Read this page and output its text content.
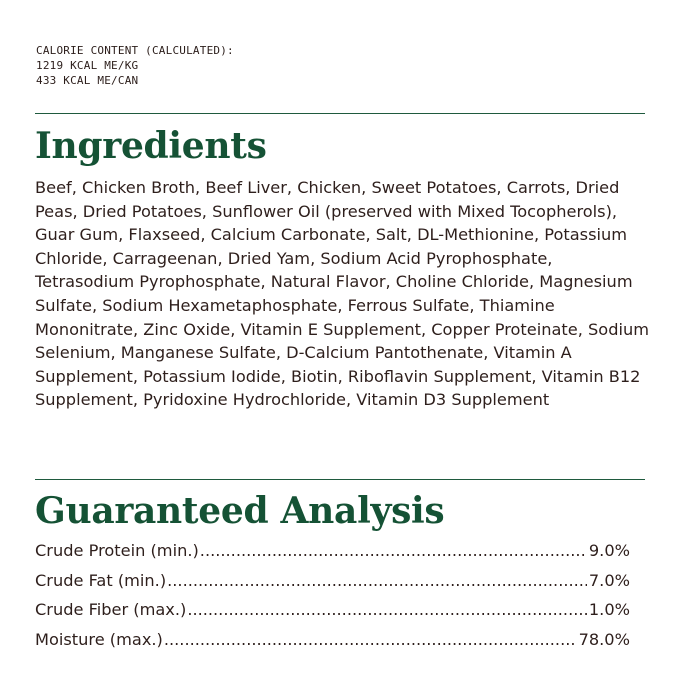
CALORIE CONTENT (CALCULATED):
1219 KCAL ME/KG
433 KCAL ME/CAN
Ingredients
Beef, Chicken Broth, Beef Liver, Chicken, Sweet Potatoes, Carrots, Dried Peas, Dried Potatoes, Sunflower Oil (preserved with Mixed Tocopherols), Guar Gum, Flaxseed, Calcium Carbonate, Salt, DL-Methionine, Potassium Chloride, Carrageenan, Dried Yam, Sodium Acid Pyrophosphate, Tetrasodium Pyrophosphate, Natural Flavor, Choline Chloride, Magnesium Sulfate, Sodium Hexametaphosphate, Ferrous Sulfate, Thiamine Mononitrate, Zinc Oxide, Vitamin E Supplement, Copper Proteinate, Sodium Selenium, Manganese Sulfate, D-Calcium Pantothenate, Vitamin A Supplement, Potassium Iodide, Biotin, Riboflavin Supplement, Vitamin B12 Supplement, Pyridoxine Hydrochloride, Vitamin D3 Supplement
Guaranteed Analysis
Crude Protein (min.) .....	9.0%
Crude Fat (min.) .....	7.0%
Crude Fiber (max.) .....	1.0%
Moisture (max.) .....	78.0%
